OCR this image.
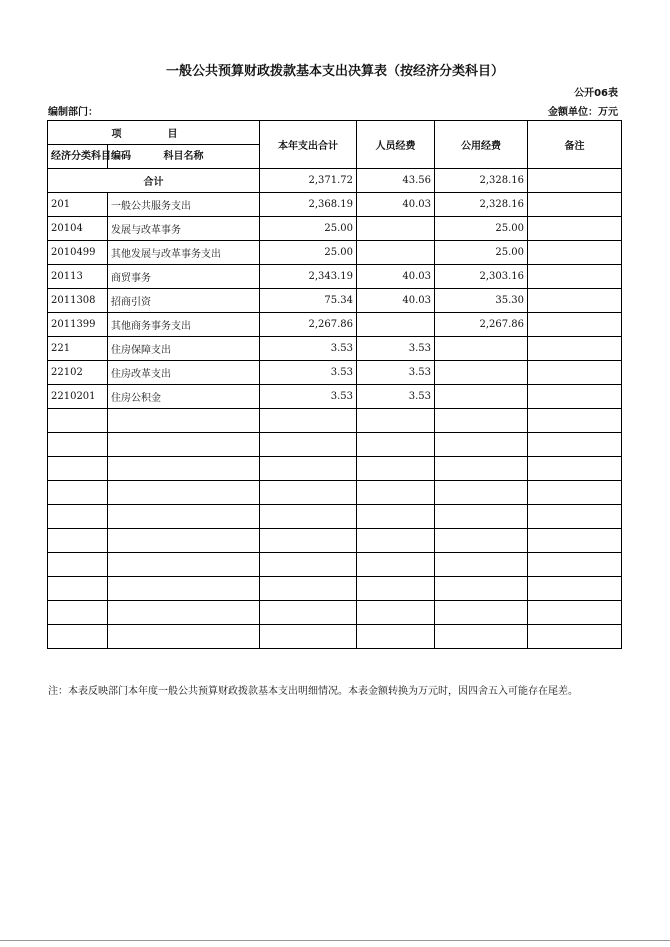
一般公共预算财政拨款基本支出决算表（按经济分类科目）
公开06表
编制部门：	金额单位：万元
项　目		本年支出合计	人员经费	公用经费	备注
经济分类科目编码	科目名称				
合计		2,371.72	43.56	2,328.16	
201	一般公共服务支出	2,368.19	40.03	2,328.16	
20104	发展与改革事务	25.00		25.00	
2010499	其他发展与改革事务支出	25.00		25.00	
20113	商贸事务	2,343.19	40.03	2,303.16	
2011308	招商引资	75.34	40.03	35.30	
2011399	其他商务事务支出	2,267.86		2,267.86	
221	住房保障支出	3.53	3.53		
22102	住房改革支出	3.53	3.53		
2210201	住房公积金	3.53	3.53		

注：本表反映部门本年度一般公共预算财政拨款基本支出明细情况。本表金额转换为万元时，因四舍五入可能存在尾差。
